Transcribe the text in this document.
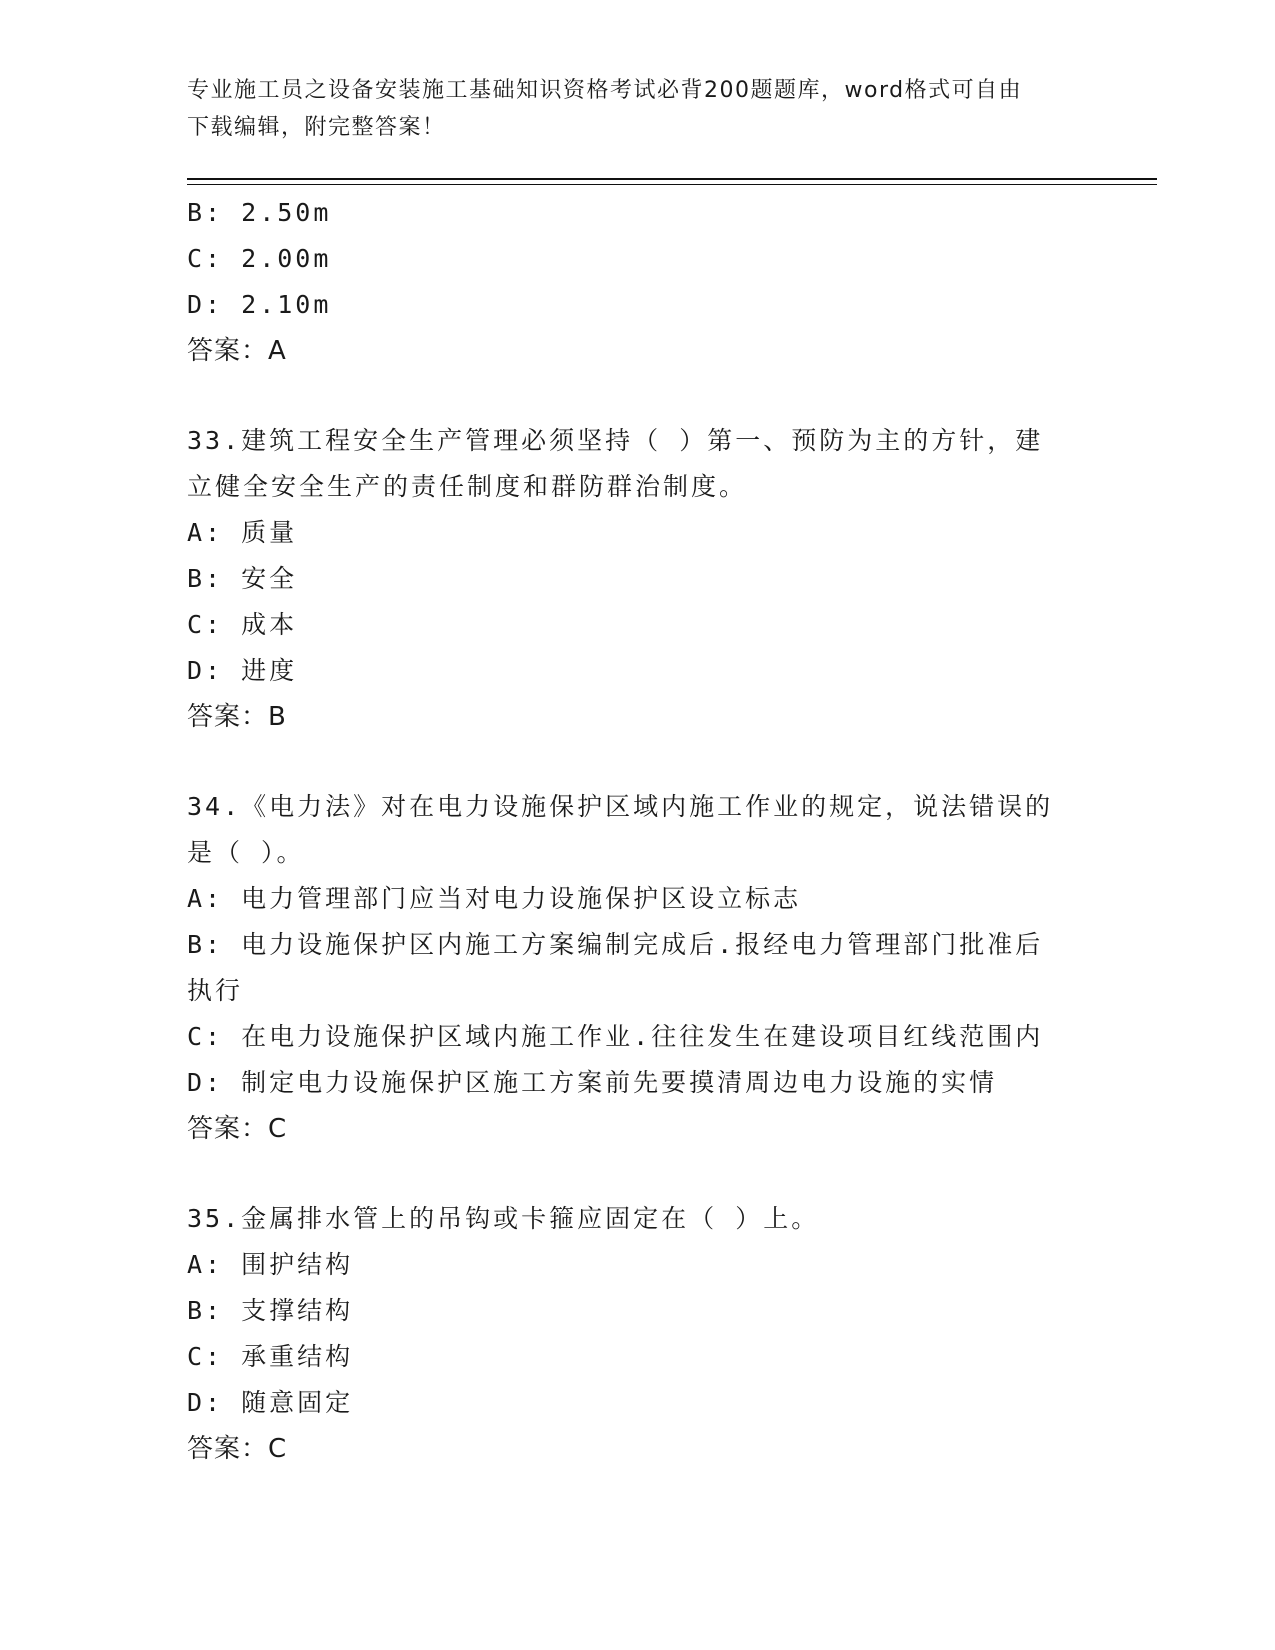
专业施工员之设备安装施工基础知识资格考试必背200题题库，word格式可自由
下载编辑，附完整答案！
B: 2.50m
C: 2.00m
D: 2.10m
答案：A
33.建筑工程安全生产管理必须坚持（ ）第一、预防为主的方针，建
立健全安全生产的责任制度和群防群治制度。
A: 质量
B: 安全
C: 成本
D: 进度
答案：B
34.《电力法》对在电力设施保护区域内施工作业的规定，说法错误的
是（ ）。
A: 电力管理部门应当对电力设施保护区设立标志
B: 电力设施保护区内施工方案编制完成后.报经电力管理部门批准后
执行
C: 在电力设施保护区域内施工作业.往往发生在建设项目红线范围内
D: 制定电力设施保护区施工方案前先要摸清周边电力设施的实情
答案：C
35.金属排水管上的吊钩或卡箍应固定在（ ）上。
A: 围护结构
B: 支撑结构
C: 承重结构
D: 随意固定
答案：C
